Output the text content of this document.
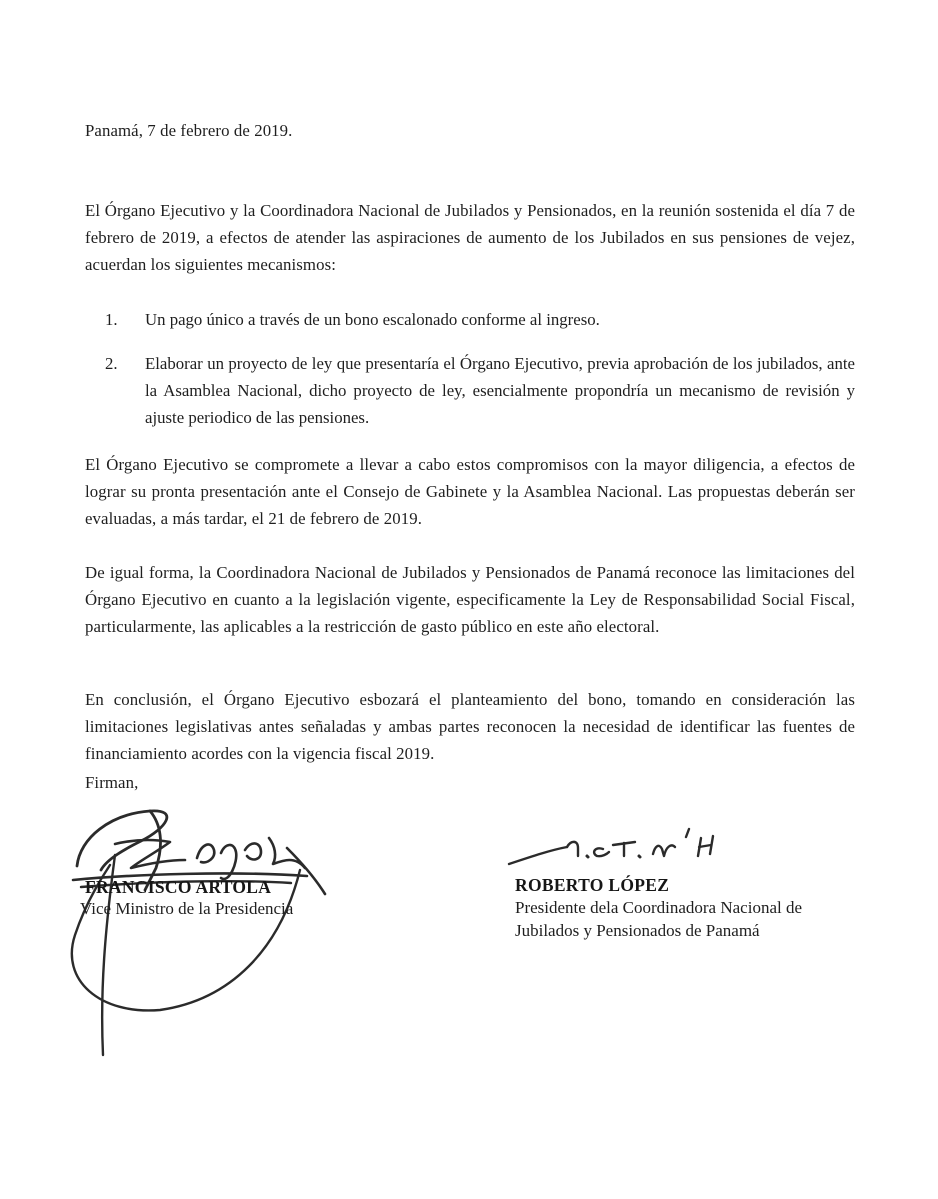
Panamá, 7 de febrero de 2019.
El Órgano Ejecutivo y la Coordinadora Nacional de Jubilados y Pensionados, en la reunión sostenida el día 7 de febrero de 2019, a efectos de atender las aspiraciones de aumento de los Jubilados en sus pensiones de vejez, acuerdan los siguientes mecanismos:
1.	Un pago único a través de un bono escalonado conforme al ingreso.
2.	Elaborar un proyecto de ley que presentaría el Órgano Ejecutivo, previa aprobación de los jubilados, ante la Asamblea Nacional, dicho proyecto de ley, esencialmente propondría un mecanismo de revisión y ajuste periodico de las pensiones.
El Órgano Ejecutivo se compromete a llevar a cabo estos compromisos con la mayor diligencia, a efectos de lograr su pronta presentación ante el Consejo de Gabinete y la Asamblea Nacional. Las propuestas deberán ser evaluadas, a más tardar, el 21 de febrero de 2019.
De igual forma, la Coordinadora Nacional de Jubilados y Pensionados de Panamá reconoce las limitaciones del Órgano Ejecutivo en cuanto a la legislación vigente, especificamente la Ley de Responsabilidad Social Fiscal, particularmente, las aplicables a la restricción de gasto público en este año electoral.
En conclusión, el Órgano Ejecutivo esbozará el planteamiento del bono, tomando en consideración las limitaciones legislativas antes señaladas y ambas partes reconocen la necesidad de identificar las fuentes de financiamiento acordes con la vigencia fiscal 2019.
Firman,
FRANCISCO ARTOLA
Vice Ministro de la Presidencia
ROBERTO LÓPEZ
Presidente dela Coordinadora Nacional de
Jubilados y Pensionados de Panamá
